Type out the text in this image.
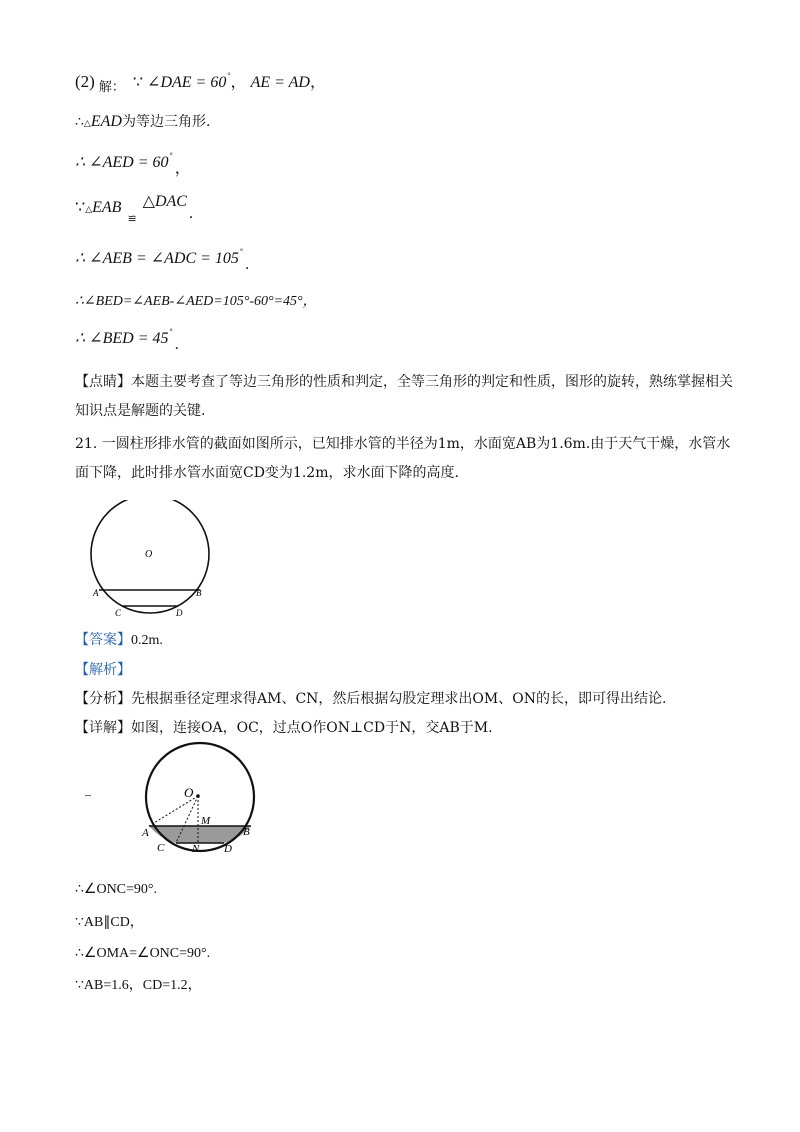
(2) $_{解:}$ ∵ ∠DAE = 60°， AE = AD，
∴△EAD为等边三角形.
∴ ∠AED = 60°，
∵△EAB $_≌$ △DAC.
∴ ∠AEB = ∠ADC = 105°.
∴∠BED=∠AEB-∠AED=105°-60°=45°，
∴ ∠BED = 45°.
【点睛】本题主要考查了等边三角形的性质和判定，全等三角形的判定和性质，图形的旋转，熟练掌握相关知识点是解题的关键.
21. 一圆柱形排水管的截面如图所示，已知排水管的半径为1m，水面宽AB为1.6m.由于天气干燥，水管水面下降，此时排水管水面宽CD变为1.2m，求水面下降的高度.
O
A	B
C	D
【答案】0.2m.
【解析】
【分析】先根据垂径定理求得AM、CN，然后根据勾股定理求出OM、ON的长，即可得出结论.
【详解】如图，连接OA，OC，过点O作ON⊥CD于N，交AB于M.
–	O
M
A	B
C	N D
∴∠ONC=90°.
∵AB∥CD，
∴∠OMA=∠ONC=90°.
∵AB=1.6，CD=1.2，
